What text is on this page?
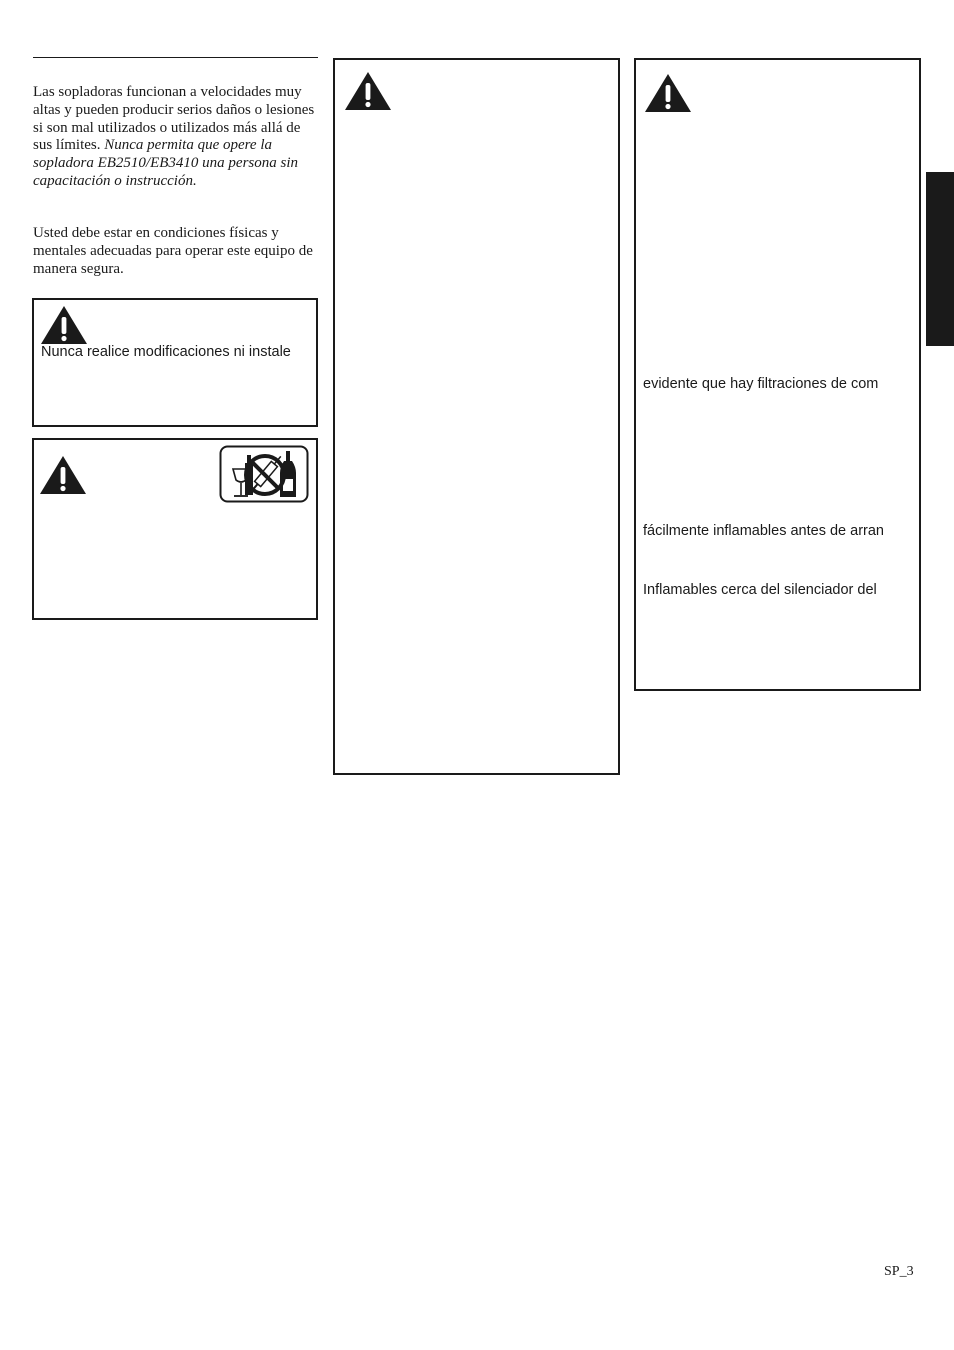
Las sopladoras funcionan a velocidades muy altas y pueden producir serios daños o lesiones si son mal utilizados o utilizados más allá de sus límites. Nunca permita que opere la sopladora EB2510/EB3410 una persona sin capacitación o instrucción.

Usted debe estar en condiciones físicas y mentales adecuadas para operar este equipo de manera segura.

Nunca realice modificaciones ni instale

evidente que hay filtraciones de com

fácilmente inflamables antes de arran

Inflamables cerca del silenciador del

SP_3
